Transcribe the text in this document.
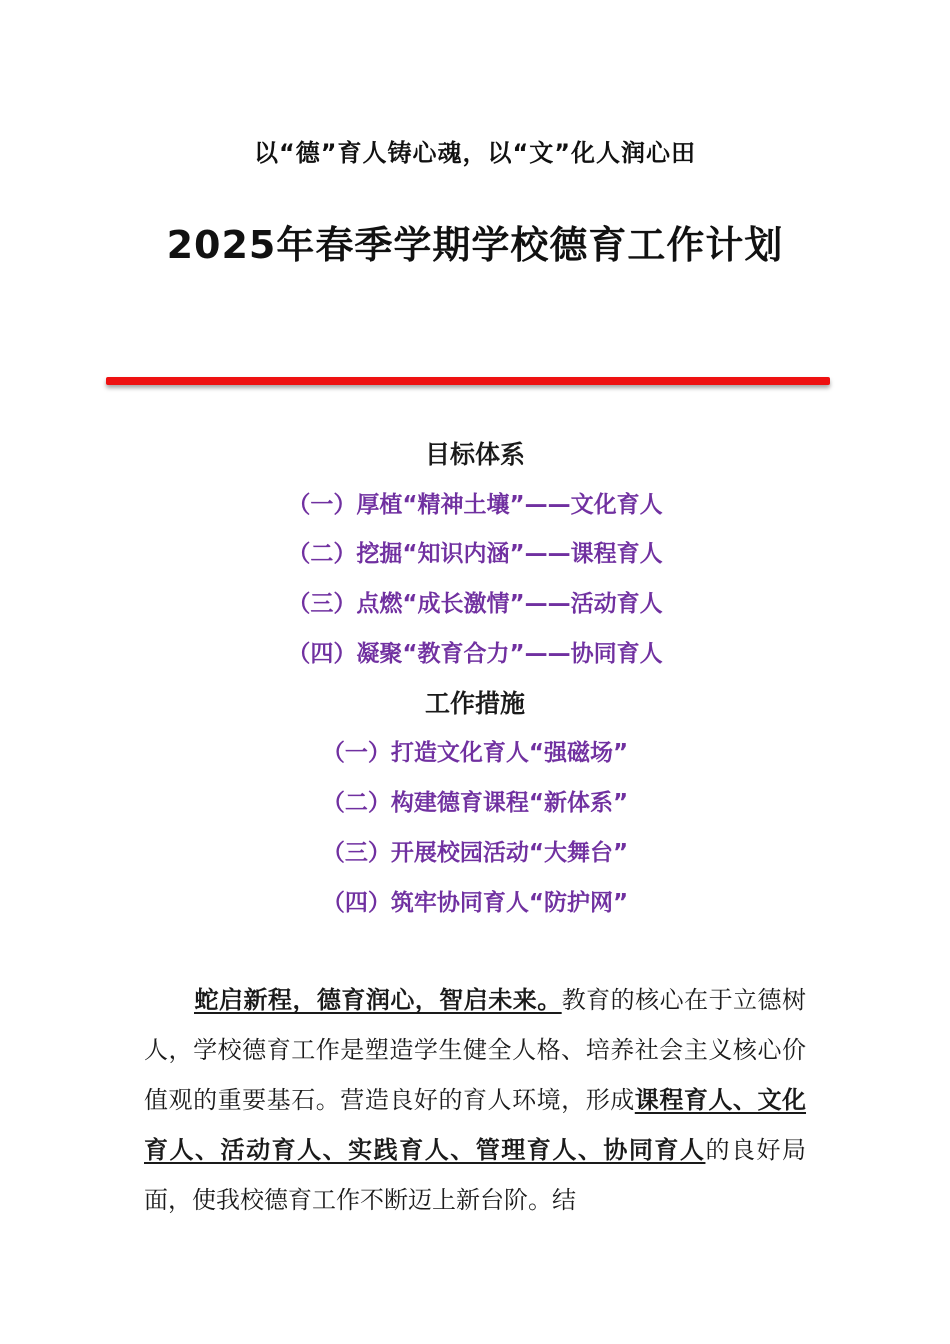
以“德”育人铸心魂，以“文”化人润心田
2025年春季学期学校德育工作计划
目标体系
（一）厚植“精神土壤”——文化育人
（二）挖掘“知识内涵”——课程育人
（三）点燃“成长激情”——活动育人
（四）凝聚“教育合力”——协同育人
工作措施
（一）打造文化育人“强磁场”
（二）构建德育课程“新体系”
（三）开展校园活动“大舞台”
（四）筑牢协同育人“防护网”
蛇启新程，德育润心，智启未来。教育的核心在于立德树人，学校德育工作是塑造学生健全人格、培养社会主义核心价值观的重要基石。营造良好的育人环境，形成课程育人、文化育人、活动育人、实践育人、管理育人、协同育人的良好局面，使我校德育工作不断迈上新台阶。结
